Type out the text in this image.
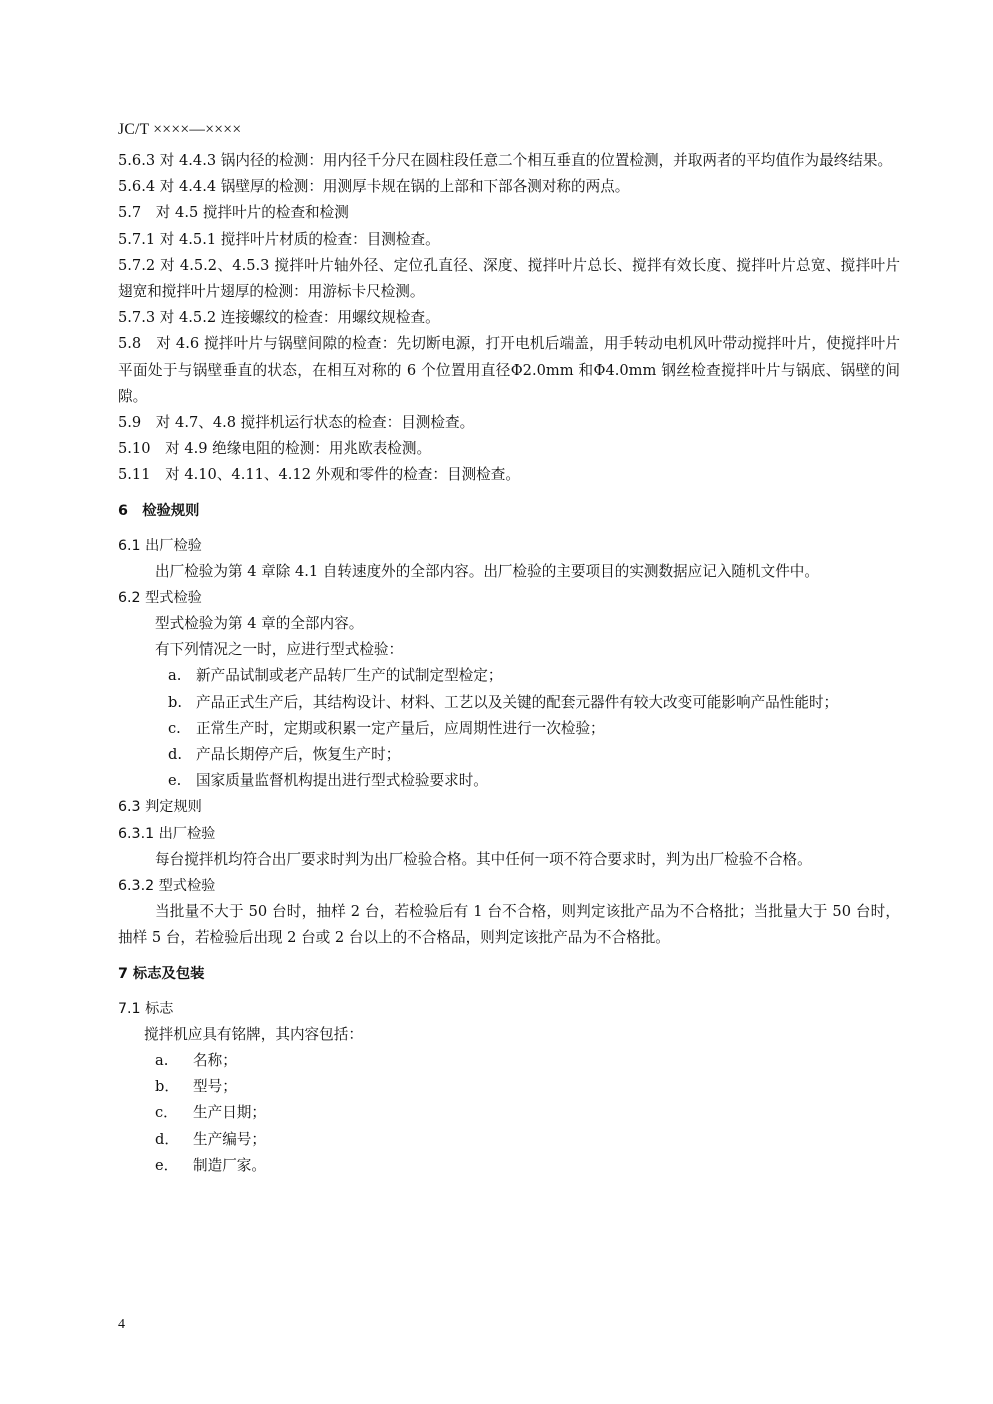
JC/T ××××—××××
5.6.3 对 4.4.3 锅内径的检测：用内径千分尺在圆柱段任意二个相互垂直的位置检测，并取两者的平均值作为最终结果。
5.6.4 对 4.4.4 锅壁厚的检测：用测厚卡规在锅的上部和下部各测对称的两点。
5.7　对 4.5 搅拌叶片的检查和检测
5.7.1 对 4.5.1 搅拌叶片材质的检查：目测检查。
5.7.2 对 4.5.2、4.5.3 搅拌叶片轴外径、定位孔直径、深度、搅拌叶片总长、搅拌有效长度、搅拌叶片总宽、搅拌叶片翅宽和搅拌叶片翅厚的检测：用游标卡尺检测。
5.7.3 对 4.5.2 连接螺纹的检查：用螺纹规检查。
5.8　对 4.6 搅拌叶片与锅壁间隙的检查：先切断电源，打开电机后端盖，用手转动电机风叶带动搅拌叶片，使搅拌叶片平面处于与锅壁垂直的状态，在相互对称的 6 个位置用直径Φ2.0mm 和Φ4.0mm 钢丝检查搅拌叶片与锅底、锅壁的间隙。
5.9　对 4.7、4.8 搅拌机运行状态的检查：目测检查。
5.10　对 4.9 绝缘电阻的检测：用兆欧表检测。
5.11　对 4.10、4.11、4.12 外观和零件的检查：目测检查。
6　检验规则
6.1 出厂检验
出厂检验为第 4 章除 4.1 自转速度外的全部内容。出厂检验的主要项目的实测数据应记入随机文件中。
6.2 型式检验
型式检验为第 4 章的全部内容。
有下列情况之一时，应进行型式检验：
a. 新产品试制或老产品转厂生产的试制定型检定；
b. 产品正式生产后，其结构设计、材料、工艺以及关键的配套元器件有较大改变可能影响产品性能时；
c. 正常生产时，定期或积累一定产量后，应周期性进行一次检验；
d. 产品长期停产后，恢复生产时；
e. 国家质量监督机构提出进行型式检验要求时。
6.3 判定规则
6.3.1 出厂检验
每台搅拌机均符合出厂要求时判为出厂检验合格。其中任何一项不符合要求时，判为出厂检验不合格。
6.3.2 型式检验
当批量不大于 50 台时，抽样 2 台，若检验后有 1 台不合格，则判定该批产品为不合格批；当批量大于 50 台时，抽样 5 台，若检验后出现 2 台或 2 台以上的不合格品，则判定该批产品为不合格批。
7 标志及包装
7.1 标志
搅拌机应具有铭牌，其内容包括：
a. 名称；
b． 型号；
c． 生产日期；
d． 生产编号；
e． 制造厂家。
4
